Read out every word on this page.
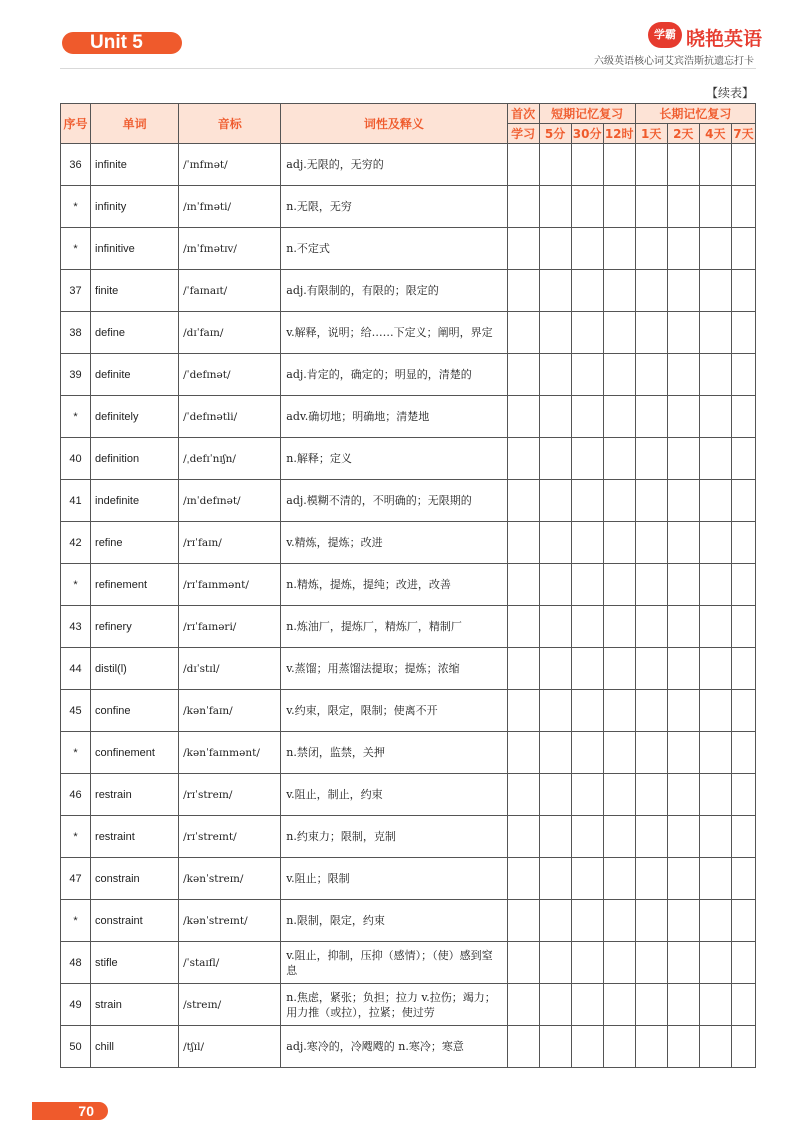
Unit 5	学霸 晓艳英语
六级英语核心词艾宾浩斯抗遗忘打卡
【续表】
序号	单词	音标	词性及释义	首次	短期记忆复习			长期记忆复习			
				学习	5分	30分	12时	1天	2天	4天	7天
36	infinite	/ˈɪnfɪnət/	adj.无限的，无穷的								
*	infinity	/ɪnˈfɪnəti/	n.无限，无穷								
*	infinitive	/ɪnˈfɪnətɪv/	n.不定式								
37	finite	/ˈfaɪnaɪt/	adj.有限制的，有限的；限定的								
38	define	/dɪˈfaɪn/	v.解释，说明；给……下定义；阐明，界定								
39	definite	/ˈdefɪnət/	adj.肯定的，确定的；明显的，清楚的								
*	definitely	/ˈdefɪnətli/	adv.确切地；明确地；清楚地								
40	definition	/ˌdefɪˈnɪʃn/	n.解释；定义								
41	indefinite	/ɪnˈdefɪnət/	adj.模糊不清的，不明确的；无限期的								
42	refine	/rɪˈfaɪn/	v.精炼，提炼；改进								
*	refinement	/rɪˈfaɪnmənt/	n.精炼，提炼，提纯；改进，改善								
43	refinery	/rɪˈfaɪnəri/	n.炼油厂，提炼厂，精炼厂，精制厂								
44	distil(l)	/dɪˈstɪl/	v.蒸馏；用蒸馏法提取；提炼；浓缩								
45	confine	/kənˈfaɪn/	v.约束，限定，限制；使离不开								
*	confinement	/kənˈfaɪnmənt/	n.禁闭，监禁，关押								
46	restrain	/rɪˈstreɪn/	v.阻止，制止，约束								
*	restraint	/rɪˈstreɪnt/	n.约束力；限制，克制								
47	constrain	/kənˈstreɪn/	v.阻止；限制								
*	constraint	/kənˈstreɪnt/	n.限制，限定，约束								
48	stifle	/ˈstaɪfl/	v.阻止，抑制，压抑（感情）；（使）感到窒息								
49	strain	/streɪn/	n.焦虑，紧张；负担；拉力 v.拉伤；竭力；用力推（或拉），拉紧；使过劳								
50	chill	/tʃɪl/	adj.寒冷的，冷飕飕的 n.寒冷；寒意								
70
